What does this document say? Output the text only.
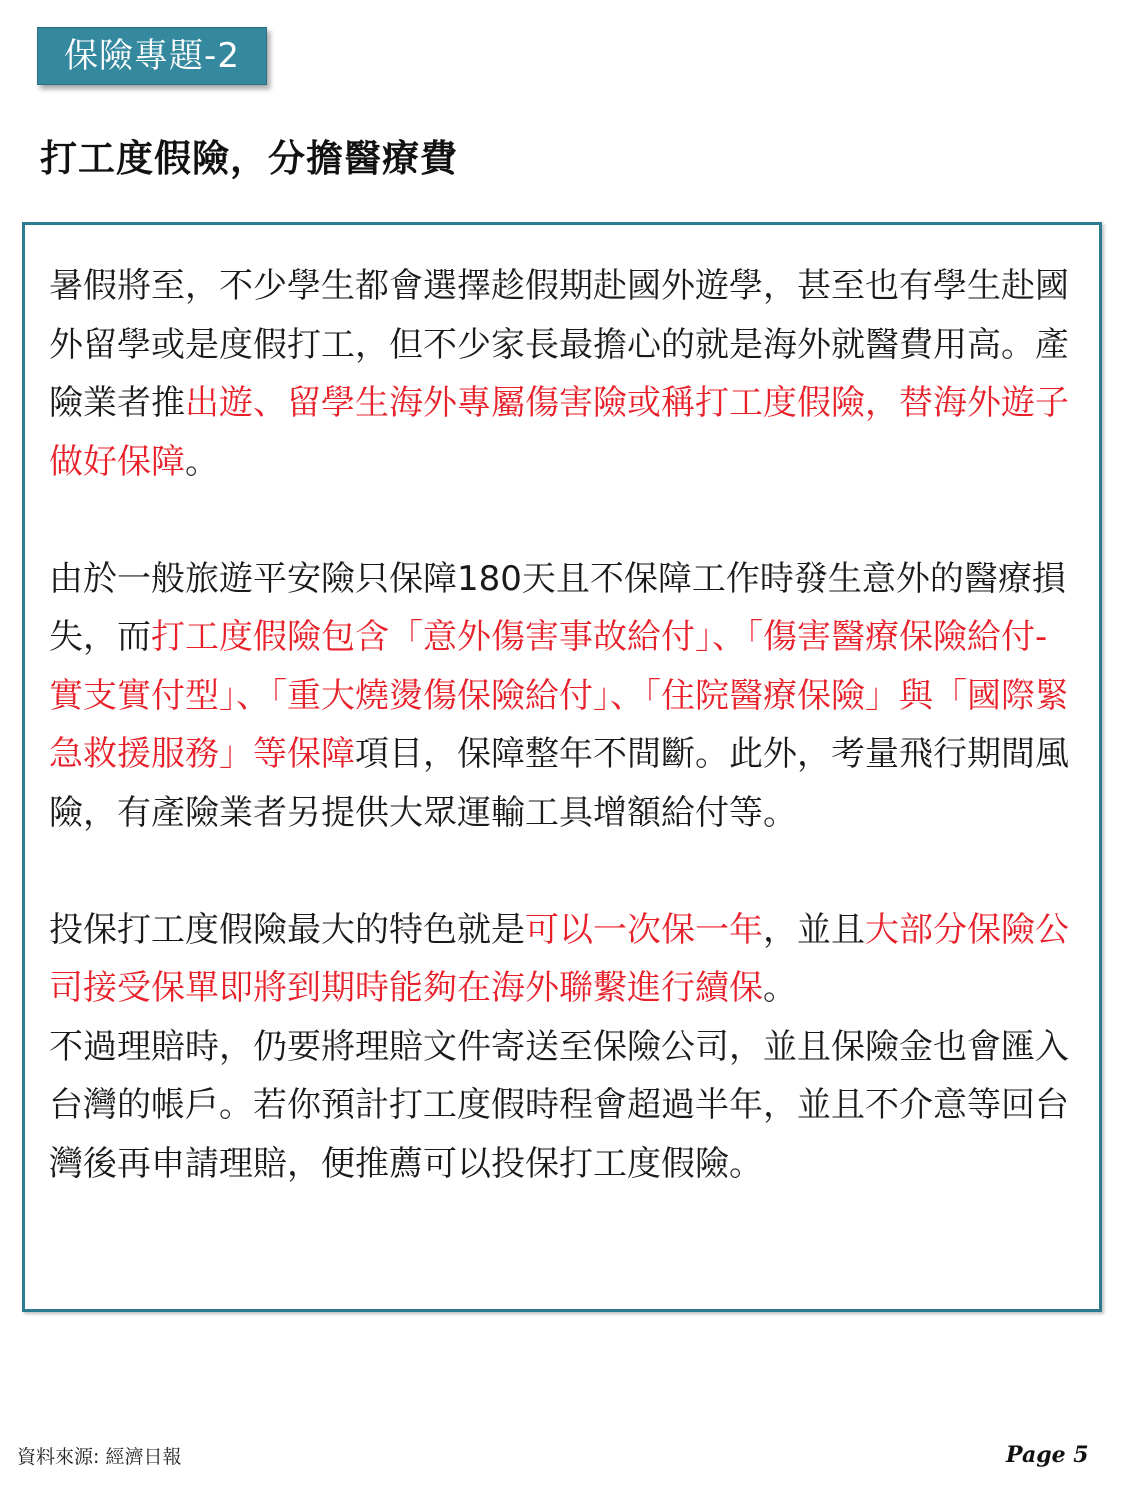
保險專題-2
打工度假險，分擔醫療費

暑假將至，不少學生都會選擇趁假期赴國外遊學，甚至也有學生赴國外留學或是度假打工，但不少家長最擔心的就是海外就醫費用高。產險業者推出遊、留學生海外專屬傷害險或稱打工度假險，替海外遊子做好保障。

由於一般旅遊平安險只保障180天且不保障工作時發生意外的醫療損失，而打工度假險包含「意外傷害事故給付」、「傷害醫療保險給付-實支實付型」、「重大燒燙傷保險給付」、「住院醫療保險」與「國際緊急救援服務」等保障項目，保障整年不間斷。此外，考量飛行期間風險，有產險業者另提供大眾運輸工具增額給付等。

投保打工度假險最大的特色就是可以一次保一年，並且大部分保險公司接受保單即將到期時能夠在海外聯繫進行續保。

不過理賠時，仍要將理賠文件寄送至保險公司，並且保險金也會匯入台灣的帳戶。若你預計打工度假時程會超過半年，並且不介意等回台灣後再申請理賠，便推薦可以投保打工度假險。

資料來源: 經濟日報	Page 5
